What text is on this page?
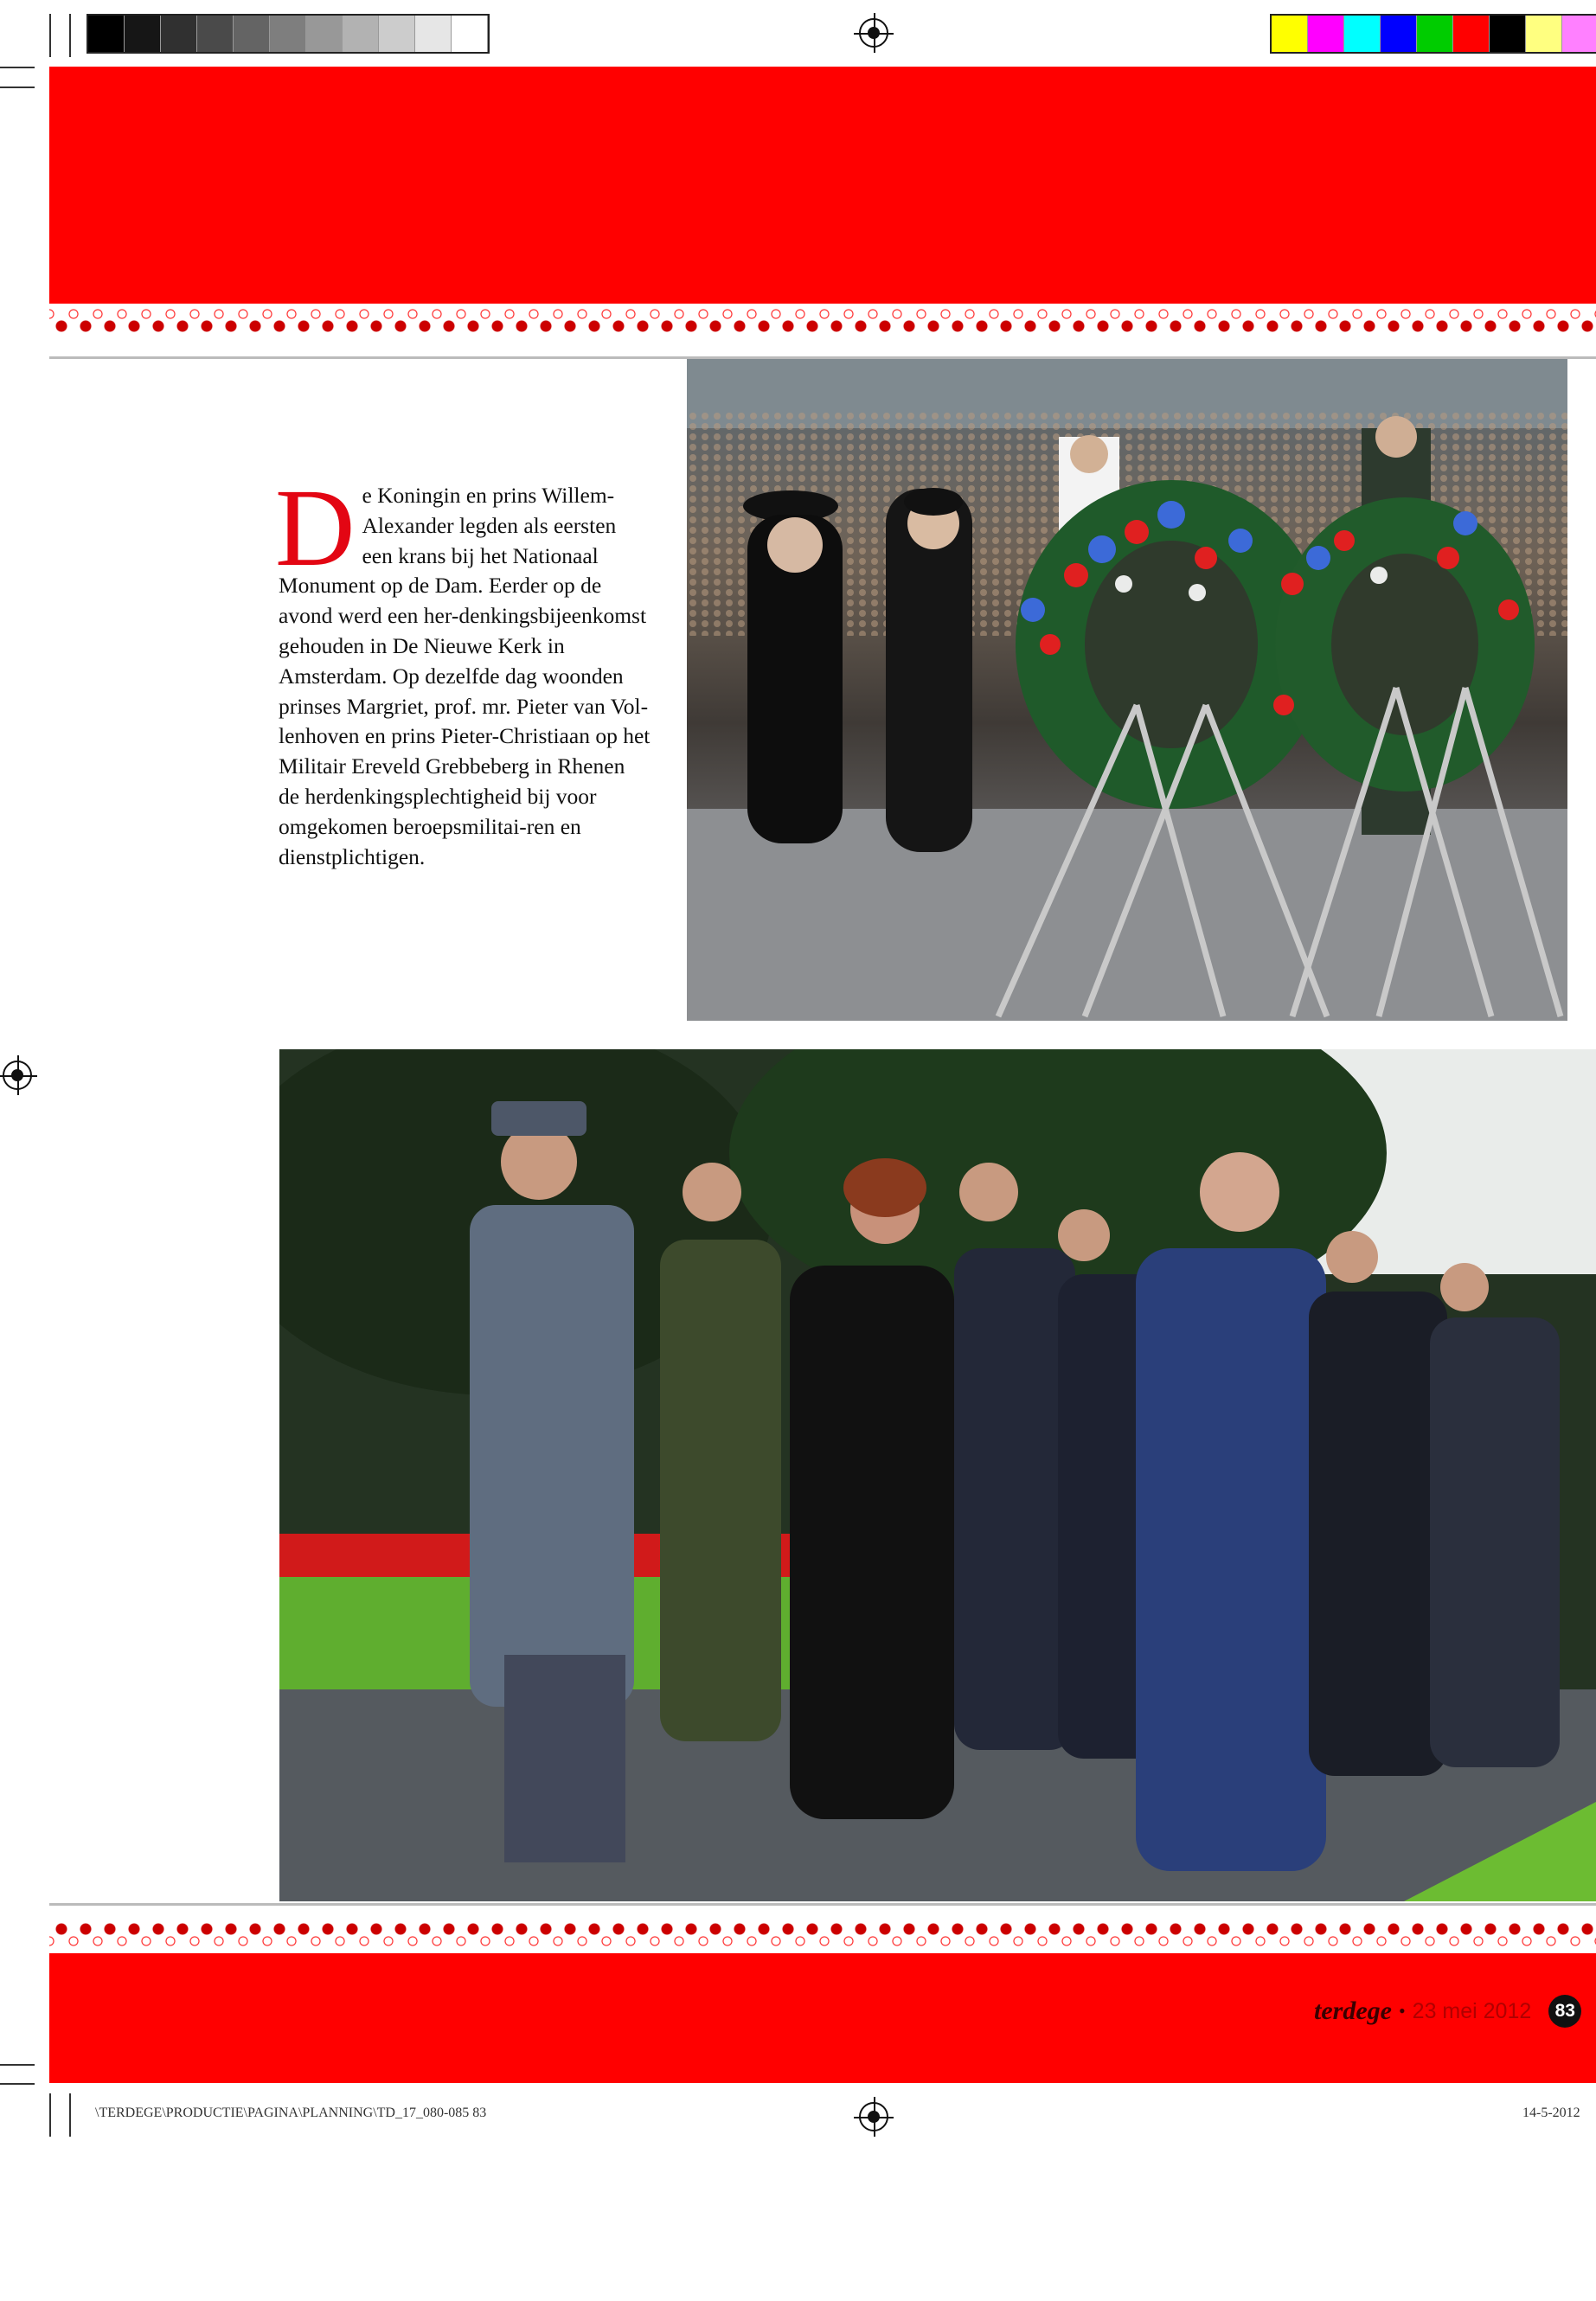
D e Koningin en prins Willem-Alexander legden als eersten een krans bij het Nationaal Monument op de Dam. Eerder op de avond werd een her-denkingsbijeenkomst gehouden in De Nieuwe Kerk in Amsterdam. Op dezelfde dag woonden prinses Margriet, prof. mr. Pieter van Vol-lenhoven en prins Pieter-Christiaan op het Militair Ereveld Grebbeberg in Rhenen de herdenkingsplechtigheid bij voor omgekomen beroepsmilitai-ren en dienstplichtigen.
terdege • 23 mei 2012	83
\TERDEGE\PRODUCTIE\PAGINA\PLANNING\TD_17_080-085 83	14-5-2012
